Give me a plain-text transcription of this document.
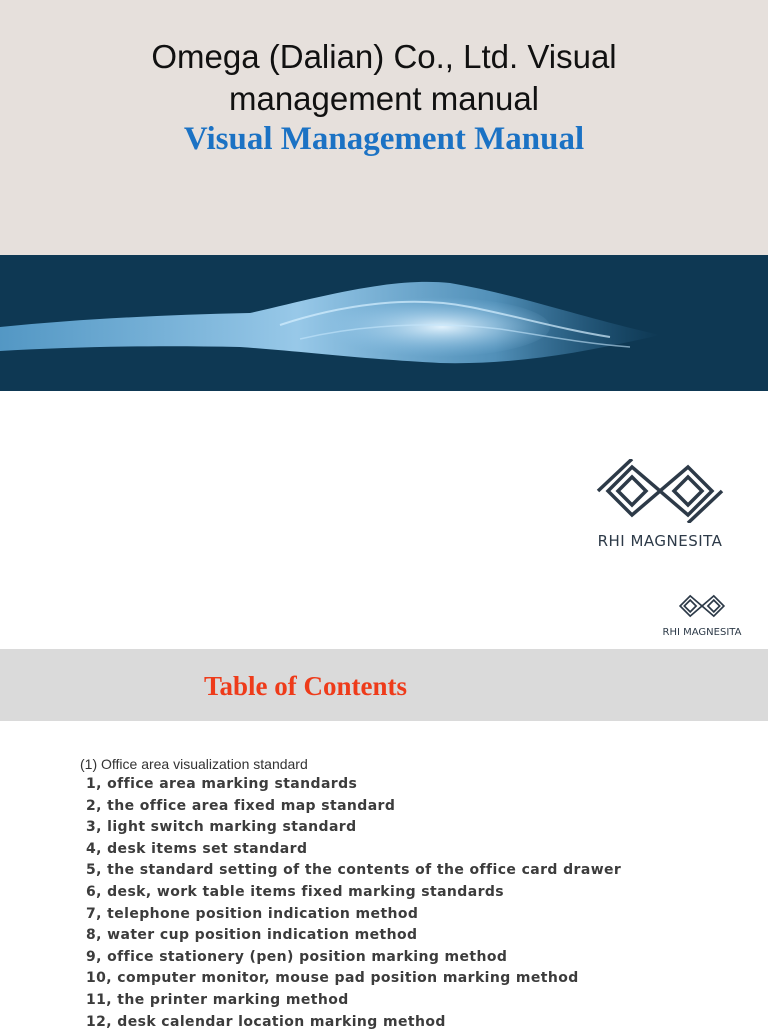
Omega (Dalian) Co., Ltd. Visual
management manual
Visual Management Manual
RHI MAGNESITA
RHI MAGNESITA
Table of Contents
(1) Office area visualization standard
1, office area marking standards
2, the office area fixed map standard
3, light switch marking standard
4, desk items set standard
5, the standard setting of the contents of the office card drawer
6, desk, work table items fixed marking standards
7, telephone position indication method
8, water cup position indication method
9, office stationery (pen) position marking method
10, computer monitor, mouse pad position marking method
11, the printer marking method
12, desk calendar location marking method
